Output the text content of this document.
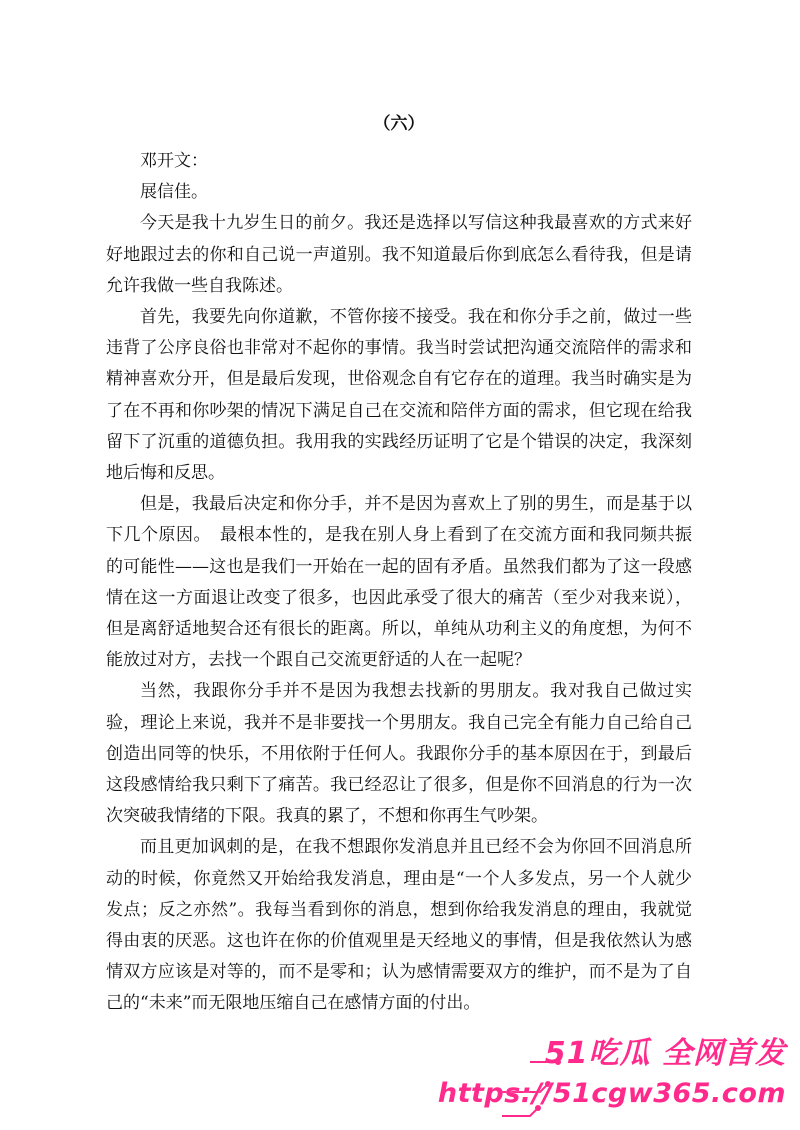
（六）

邓开文：

展信佳。

今天是我十九岁生日的前夕。我还是选择以写信这种我最喜欢的方式来好好地跟过去的你和自己说一声道别。我不知道最后你到底怎么看待我，但是请允许我做一些自我陈述。

首先，我要先向你道歉，不管你接不接受。我在和你分手之前，做过一些违背了公序良俗也非常对不起你的事情。我当时尝试把沟通交流陪伴的需求和精神喜欢分开，但是最后发现，世俗观念自有它存在的道理。我当时确实是为了在不再和你吵架的情况下满足自己在交流和陪伴方面的需求，但它现在给我留下了沉重的道德负担。我用我的实践经历证明了它是个错误的决定，我深刻地后悔和反思。

但是，我最后决定和你分手，并不是因为喜欢上了别的男生，而是基于以下几个原因。　最根本性的，是我在别人身上看到了在交流方面和我同频共振的可能性——这也是我们一开始在一起的固有矛盾。虽然我们都为了这一段感情在这一方面退让改变了很多，也因此承受了很大的痛苦（至少对我来说），但是离舒适地契合还有很长的距离。所以，单纯从功利主义的角度想，为何不能放过对方，去找一个跟自己交流更舒适的人在一起呢？

当然，我跟你分手并不是因为我想去找新的男朋友。我对我自己做过实验，理论上来说，我并不是非要找一个男朋友。我自己完全有能力自己给自己创造出同等的快乐，不用依附于任何人。我跟你分手的基本原因在于，到最后这段感情给我只剩下了痛苦。我已经忍让了很多，但是你不回消息的行为一次次突破我情绪的下限。我真的累了，不想和你再生气吵架。

而且更加讽刺的是，在我不想跟你发消息并且已经不会为你回不回消息所动的时候，你竟然又开始给我发消息，理由是“一个人多发点，另一个人就少发点；反之亦然”。我每当看到你的消息，想到你给我发消息的理由，我就觉得由衷的厌恶。这也许在你的价值观里是天经地义的事情，但是我依然认为感情双方应该是对等的，而不是零和；认为感情需要双方的维护，而不是为了自己的“未来”而无限地压缩自己在感情方面的付出。

51吃瓜 全网首发
https://51cgw365.com
